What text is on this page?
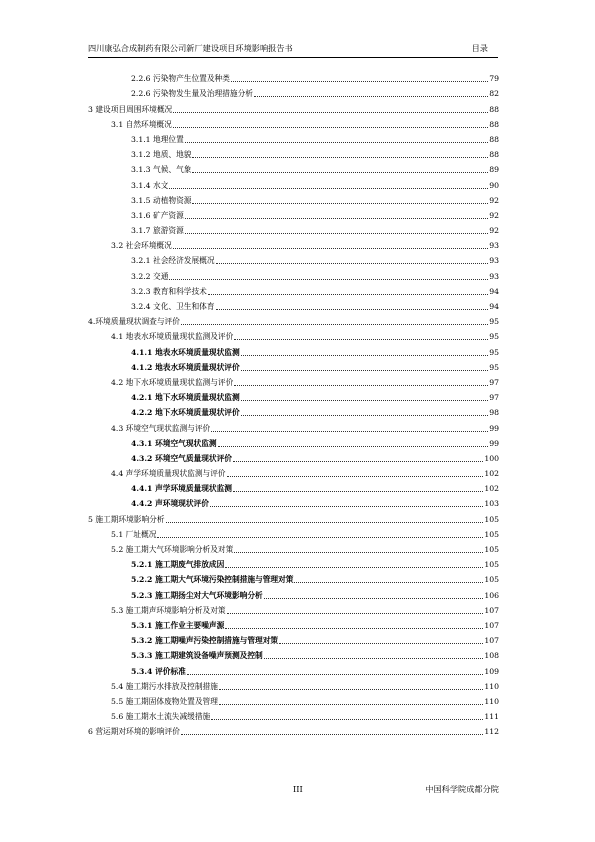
四川康弘合成制药有限公司新厂建设项目环境影响报告书	目录
2.2.6 污染物产生位置及种类	79
2.2.6 污染物发生量及治理措施分析	82
3 建设项目周围环境概况	88
3.1 自然环境概况	88
3.1.1 地理位置	88
3.1.2 地质、地貌	88
3.1.3 气候、气象	89
3.1.4 水文	90
3.1.5 动植物资源	92
3.1.6 矿产资源	92
3.1.7 旅游资源	92
3.2 社会环境概况	93
3.2.1 社会经济发展概况	93
3.2.2 交通	93
3.2.3 教育和科学技术	94
3.2.4 文化、卫生和体育	94
4.环境质量现状调查与评价	95
4.1 地表水环境质量现状监测及评价	95
4.1.1 地表水环境质量现状监测	95
4.1.2 地表水环境质量现状评价	95
4.2 地下水环境质量现状监测与评价	97
4.2.1 地下水环境质量现状监测	97
4.2.2 地下水环境质量现状评价	98
4.3 环境空气现状监测与评价	99
4.3.1 环境空气现状监测	99
4.3.2 环境空气质量现状评价	100
4.4 声学环境质量现状监测与评价	102
4.4.1 声学环境质量现状监测	102
4.4.2 声环境现状评价	103
5 施工期环境影响分析	105
5.1 厂址概况	105
5.2 施工期大气环境影响分析及对策	105
5.2.1 施工期废气排放成因	105
5.2.2 施工期大气环境污染控制措施与管理对策	105
5.2.3 施工期扬尘对大气环境影响分析	106
5.3 施工期声环境影响分析及对策	107
5.3.1 施工作业主要噪声源	107
5.3.2 施工期噪声污染控制措施与管理对策	107
5.3.3 施工期建筑设备噪声预测及控制	108
5.3.4 评价标准	109
5.4 施工期污水排放及控制措施	110
5.5 施工期固体废物处置及管理	110
5.6 施工期水土流失减缓措施	111
6 营运期对环境的影响评价	112
III	中国科学院成都分院
